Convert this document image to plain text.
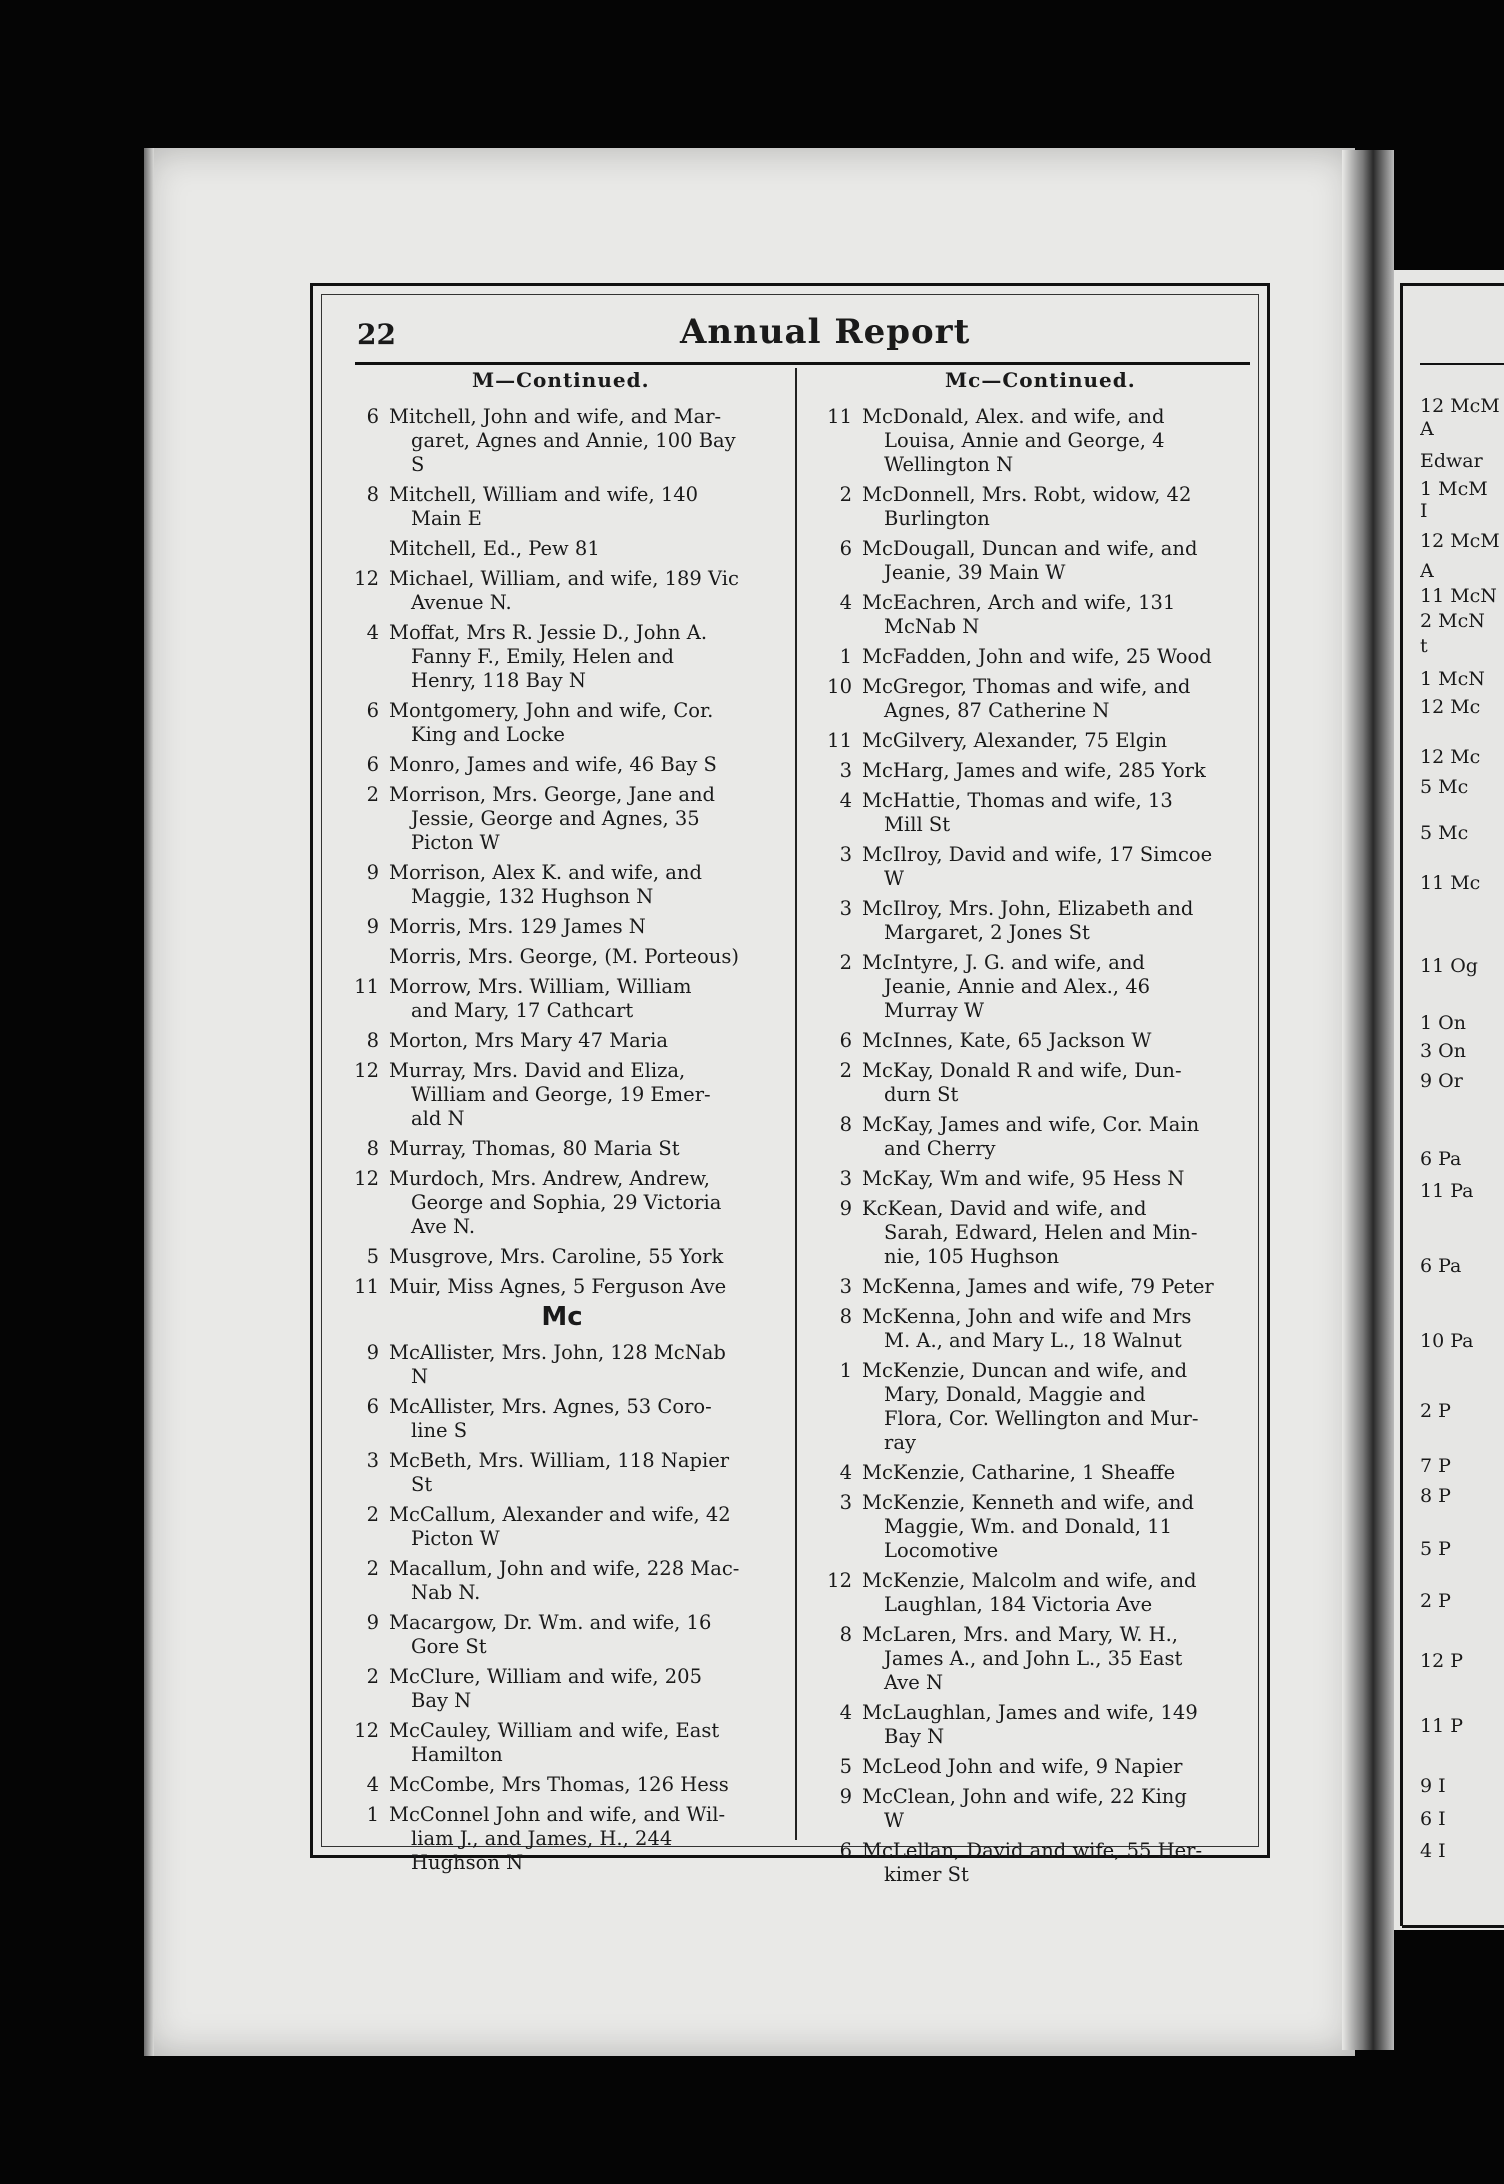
22	Annual Report
M—Continued.	Mc—Continued.
6 Mitchell, John and wife, and Mar-
garet, Agnes and Annie, 100 Bay
S
8 Mitchell, William and wife, 140
Main E
Mitchell, Ed., Pew 81
12 Michael, William, and wife, 189 Vic
Avenue N.
4 Moffat, Mrs R. Jessie D., John A.
Fanny F., Emily, Helen and
Henry, 118 Bay N
6 Montgomery, John and wife, Cor.
King and Locke
6 Monro, James and wife, 46 Bay S
2 Morrison, Mrs. George, Jane and
Jessie, George and Agnes, 35
Picton W
9 Morrison, Alex K. and wife, and
Maggie, 132 Hughson N
9 Morris, Mrs. 129 James N
Morris, Mrs. George, (M. Porteous)
11 Morrow, Mrs. William, William
and Mary, 17 Cathcart
8 Morton, Mrs Mary 47 Maria
12 Murray, Mrs. David and Eliza,
William and George, 19 Emer-
ald N
8 Murray, Thomas, 80 Maria St
12 Murdoch, Mrs. Andrew, Andrew,
George and Sophia, 29 Victoria
Ave N.
5 Musgrove, Mrs. Caroline, 55 York
11 Muir, Miss Agnes, 5 Ferguson Ave
Mc
9 McAllister, Mrs. John, 128 McNab
N
6 McAllister, Mrs. Agnes, 53 Coro-
line S
3 McBeth, Mrs. William, 118 Napier
St
2 McCallum, Alexander and wife, 42
Picton W
2 Macallum, John and wife, 228 Mac-
Nab N.
9 Macargow, Dr. Wm. and wife, 16
Gore St
2 McClure, William and wife, 205
Bay N
12 McCauley, William and wife, East
Hamilton
4 McCombe, Mrs Thomas, 126 Hess
1 McConnel John and wife, and Wil-
liam J., and James, H., 244
Hughson N
11 McDonald, Alex. and wife, and
Louisa, Annie and George, 4
Wellington N
2 McDonnell, Mrs. Robt, widow, 42
Burlington
6 McDougall, Duncan and wife, and
Jeanie, 39 Main W
4 McEachren, Arch and wife, 131
McNab N
1 McFadden, John and wife, 25 Wood
10 McGregor, Thomas and wife, and
Agnes, 87 Catherine N
11 McGilvery, Alexander, 75 Elgin
3 McHarg, James and wife, 285 York
4 McHattie, Thomas and wife, 13
Mill St
3 McIlroy, David and wife, 17 Simcoe
W
3 McIlroy, Mrs. John, Elizabeth and
Margaret, 2 Jones St
2 McIntyre, J. G. and wife, and
Jeanie, Annie and Alex., 46
Murray W
6 McInnes, Kate, 65 Jackson W
2 McKay, Donald R and wife, Dun-
durn St
8 McKay, James and wife, Cor. Main
and Cherry
3 McKay, Wm and wife, 95 Hess N
9 KcKean, David and wife, and
Sarah, Edward, Helen and Min-
nie, 105 Hughson
3 McKenna, James and wife, 79 Peter
8 McKenna, John and wife and Mrs
M. A., and Mary L., 18 Walnut
1 McKenzie, Duncan and wife, and
Mary, Donald, Maggie and
Flora, Cor. Wellington and Mur-
ray
4 McKenzie, Catharine, 1 Sheaffe
3 McKenzie, Kenneth and wife, and
Maggie, Wm. and Donald, 11
Locomotive
12 McKenzie, Malcolm and wife, and
Laughlan, 184 Victoria Ave
8 McLaren, Mrs. and Mary, W. H.,
James A., and John L., 35 East
Ave N
4 McLaughlan, James and wife, 149
Bay N
5 McLeod John and wife, 9 Napier
9 McClean, John and wife, 22 King
W
6 McLellan, David and wife, 55 Her-
kimer St
12 McM
A
Edwar
1 McM
I
12 McM
A
11 McN
2 McN
t
1 McN
12 Mc
12 Mc
5 Mc
5 Mc
11 Mc
11 Og
1 On
3 On
9 Or
6 Pa
11 Pa
6 Pa
10 Pa
2 P
7 P
8 P
5 P
2 P
12 P
11 P
9 I
6 I
4 I
